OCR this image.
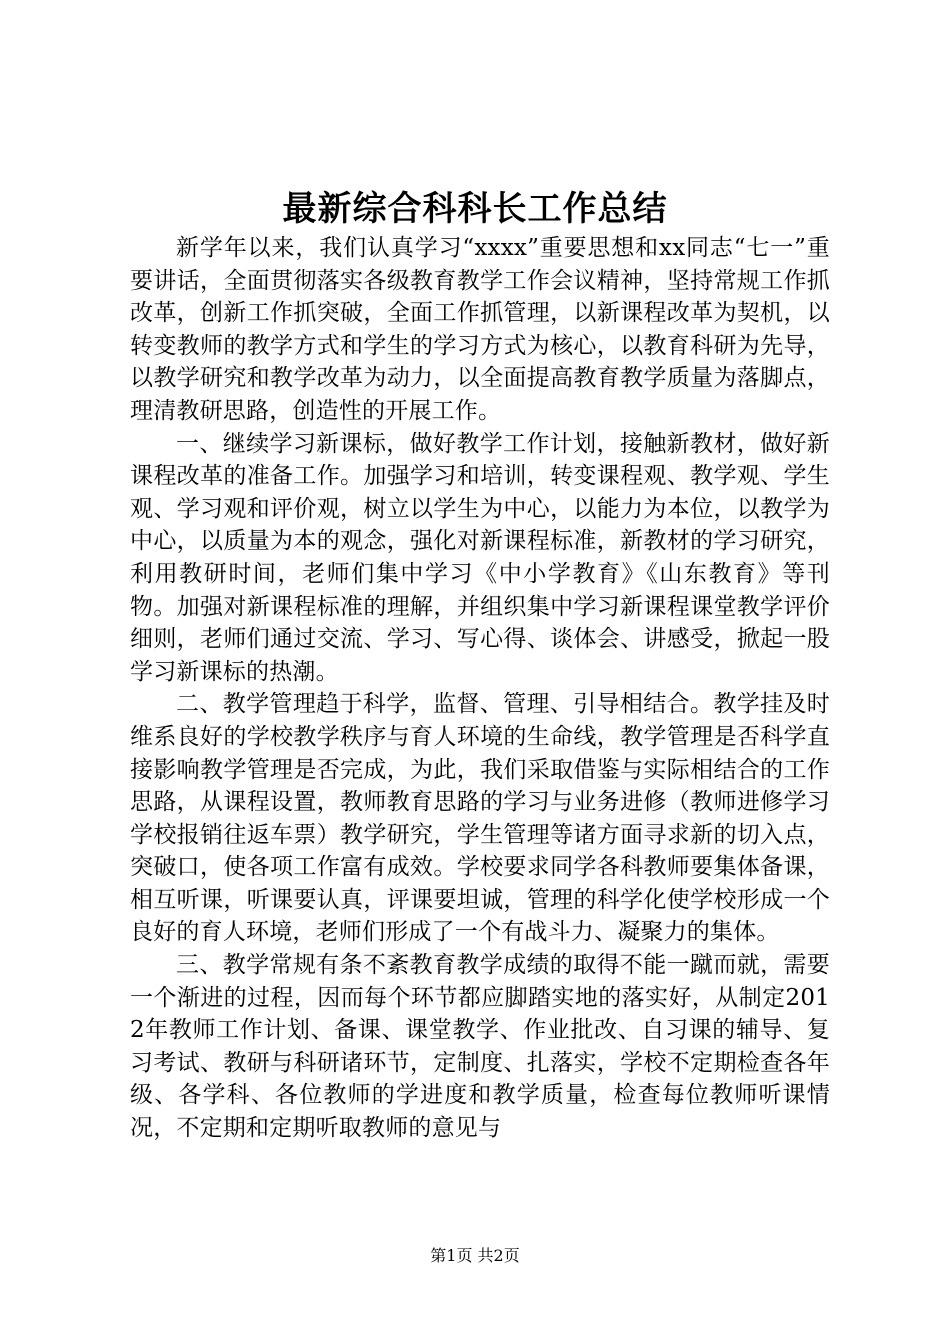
最新综合科科长工作总结

新学年以来，我们认真学习“xxxx”重要思想和xx同志“七一”重要讲话，全面贯彻落实各级教育教学工作会议精神，坚持常规工作抓改革，创新工作抓突破，全面工作抓管理，以新课程改革为契机，以转变教师的教学方式和学生的学习方式为核心，以教育科研为先导，以教学研究和教学改革为动力，以全面提高教育教学质量为落脚点，理清教研思路，创造性的开展工作。

一、继续学习新课标，做好教学工作计划，接触新教材，做好新课程改革的准备工作。加强学习和培训，转变课程观、教学观、学生观、学习观和评价观，树立以学生为中心，以能力为本位，以教学为中心，以质量为本的观念，强化对新课程标准，新教材的学习研究，利用教研时间，老师们集中学习《中小学教育》《山东教育》等刊物。加强对新课程标准的理解，并组织集中学习新课程课堂教学评价细则，老师们通过交流、学习、写心得、谈体会、讲感受，掀起一股学习新课标的热潮。

二、教学管理趋于科学，监督、管理、引导相结合。教学挂及时维系良好的学校教学秩序与育人环境的生命线，教学管理是否科学直接影响教学管理是否完成，为此，我们采取借鉴与实际相结合的工作思路，从课程设置，教师教育思路的学习与业务进修（教师进修学习学校报销往返车票）教学研究，学生管理等诸方面寻求新的切入点，突破口，使各项工作富有成效。学校要求同学各科教师要集体备课，相互听课，听课要认真，评课要坦诚，管理的科学化使学校形成一个良好的育人环境，老师们形成了一个有战斗力、凝聚力的集体。

三、教学常规有条不紊教育教学成绩的取得不能一蹴而就，需要一个渐进的过程，因而每个环节都应脚踏实地的落实好，从制定2012年教师工作计划、备课、课堂教学、作业批改、自习课的辅导、复习考试、教研与科研诸环节，定制度、扎落实，学校不定期检查各年级、各学科、各位教师的学进度和教学质量，检查每位教师听课情况，不定期和定期听取教师的意见与

第1页 共2页
